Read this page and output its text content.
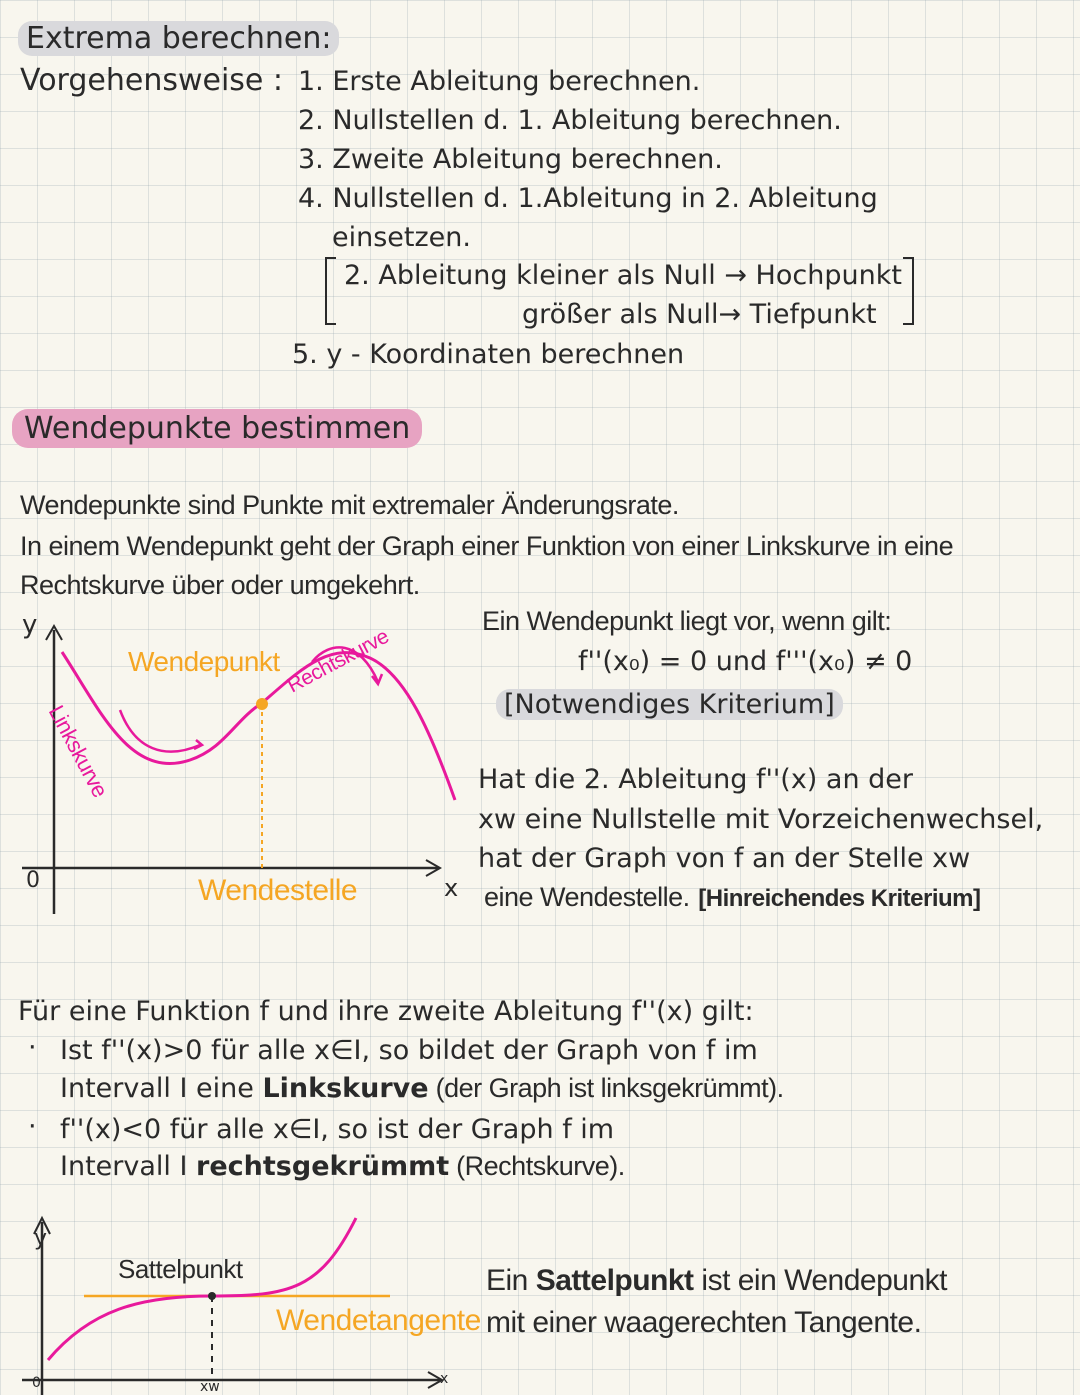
Extrema berechnen:
Vorgehensweise : 1. Erste Ableitung berechnen.
2. Nullstellen d. 1. Ableitung berechnen.
3. Zweite Ableitung berechnen.
4. Nullstellen d. 1.Ableitung in 2. Ableitung
einsetzen.
2. Ableitung kleiner als Null → Hochpunkt
größer als Null→ Tiefpunkt
5. y - Koordinaten berechnen
Wendepunkte bestimmen
Wendepunkte sind Punkte mit extremaler Änderungsrate.
In einem Wendepunkt geht der Graph einer Funktion von einer Linkskurve in eine
Rechtskurve über oder umgekehrt.
y
0	x
Wendepunkt
Linkskurve
Rechtskurve
Wendestelle
Ein Wendepunkt liegt vor, wenn gilt:
f''(x₀) = 0 und f'''(x₀) ≠ 0
[Notwendiges Kriterium]
Hat die 2. Ableitung f''(x) an der
xw eine Nullstelle mit Vorzeichenwechsel,
hat der Graph von f an der Stelle xw
eine Wendestelle. [Hinreichendes Kriterium]
Für eine Funktion f und ihre zweite Ableitung f''(x) gilt:
· Ist f''(x)>0 für alle x∈I, so bildet der Graph von f im
Intervall I eine Linkskurve (der Graph ist linksgekrümmt).
· f''(x)<0 für alle x∈I, so ist der Graph f im
Intervall I rechtsgekrümmt (Rechtskurve).
y
0	x
Sattelpunkt
Wendetangente
xw
Ein Sattelpunkt ist ein Wendepunkt
mit einer waagerechten Tangente.
